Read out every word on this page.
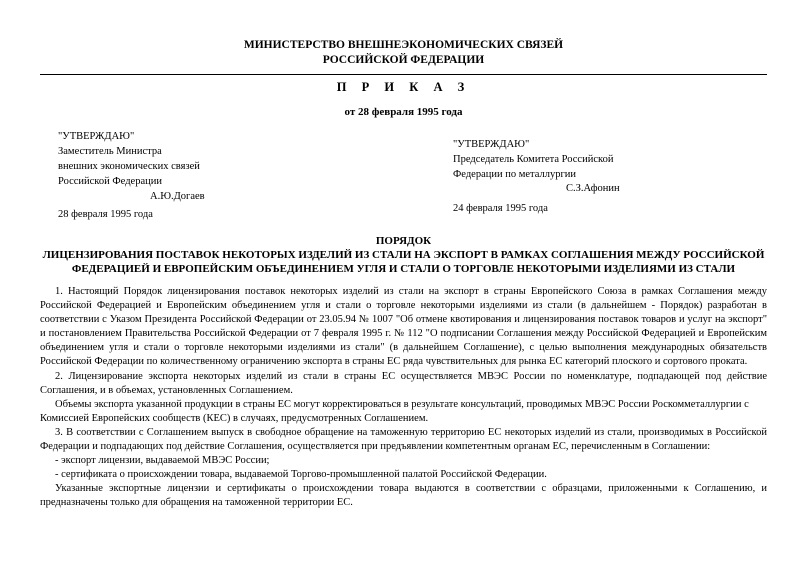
МИНИСТЕРСТВО ВНЕШНЕЭКОНОМИЧЕСКИХ СВЯЗЕЙ
РОССИЙСКОЙ ФЕДЕРАЦИИ
П Р И К А З
от 28 февраля 1995 года
"УТВЕРЖДАЮ"
Заместитель Министра
внешних экономических связей
Российской Федерации
А.Ю.Догаев
28 февраля 1995 года
"УТВЕРЖДАЮ"
Председатель Комитета Российской
Федерации по металлургии
С.З.Афонин
24 февраля 1995 года
ПОРЯДОК
ЛИЦЕНЗИРОВАНИЯ ПОСТАВОК НЕКОТОРЫХ ИЗДЕЛИЙ ИЗ СТАЛИ НА ЭКСПОРТ В РАМКАХ СОГЛАШЕНИЯ МЕЖДУ РОССИЙСКОЙ
ФЕДЕРАЦИЕЙ И ЕВРОПЕЙСКИМ ОБЪЕДИНЕНИЕМ УГЛЯ И СТАЛИ О ТОРГОВЛЕ НЕКОТОРЫМИ ИЗДЕЛИЯМИ ИЗ СТАЛИ

1. Настоящий Порядок лицензирования поставок некоторых изделий из стали на экспорт в страны Европейского Союза в рамках Соглашения между Российской Федерацией и Европейским объединением угля и стали о торговле некоторыми изделиями из стали (в дальнейшем - Порядок) разработан в соответствии с Указом Президента Российской Федерации от 23.05.94 № 1007 "Об отмене квотирования и лицензирования поставок товаров и услуг на экспорт" и постановлением Правительства Российской Федерации от 7 февраля 1995 г. № 112 "О подписании Соглашения между Российской Федерацией и Европейским объединением угля и стали о торговле некоторыми изделиями из стали" (в дальнейшем Соглашение), с целью выполнения международных обязательств Российской Федерации по количественному ограничению экспорта в страны ЕС ряда чувствительных для рынка ЕС категорий плоского и сортового проката.

2. Лицензирование экспорта некоторых изделий из стали в страны ЕС осуществляется МВЭС России по номенклатуре, подпадающей под действие Соглашения, и в объемах, установленных Соглашением.

Объемы экспорта указанной продукции в страны ЕС могут корректироваться в результате консультаций, проводимых МВЭС России Роскомметаллургии с Комиссией Европейских сообществ (КЕС) в случаях, предусмотренных Соглашением.

3. В соответствии с Соглашением выпуск в свободное обращение на таможенную территорию ЕС некоторых изделий из стали, производимых в Российской Федерации и подпадающих под действие Соглашения, осуществляется при предъявлении компетентным органам ЕС, перечисленным в Соглашении:

- экспорт лицензии, выдаваемой МВЭС России;

- сертификата о происхождении товара, выдаваемой Торгово-промышленной палатой Российской Федерации.

Указанные экспортные лицензии и сертификаты о происхождении товара выдаются в соответствии с образцами, приложенными к Соглашению, и предназначены только для обращения на таможенной территории ЕС.
